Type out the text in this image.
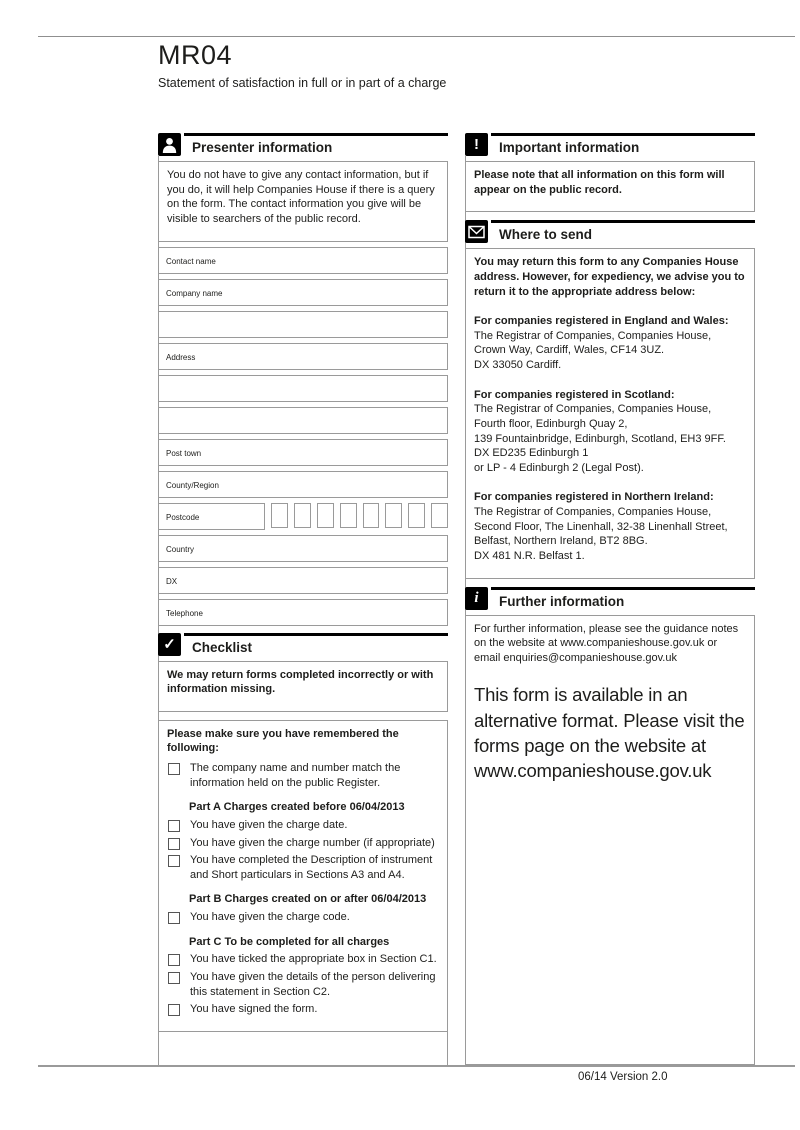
MR04
Statement of satisfaction in full or in part of a charge
Presenter information
You do not have to give any contact information, but if you do, it will help Companies House if there is a query on the form. The contact information you give will be visible to searchers of the public record.
Contact name
Company name
Address
Post town
County/Region
Postcode
Country
DX
Telephone
✓	Checklist
We may return forms completed incorrectly or with information missing.
Please make sure you have remembered the following:
The company name and number match the information held on the public Register.
Part A Charges created before 06/04/2013
You have given the charge date.
You have given the charge number (if appropriate)
You have completed the Description of instrument and Short particulars in Sections A3 and A4.
Part B Charges created on or after 06/04/2013
You have given the charge code.
Part C To be completed for all charges
You have ticked the appropriate box in Section C1.
You have given the details of the person delivering this statement in Section C2.
You have signed the form.
!	Important information
Please note that all information on this form will appear on the public record.
Where to send
You may return this form to any Companies House address. However, for expediency, we advise you to return it to the appropriate address below:
For companies registered in England and Wales:
The Registrar of Companies, Companies House,
Crown Way, Cardiff, Wales, CF14 3UZ.
DX 33050 Cardiff.
For companies registered in Scotland:
The Registrar of Companies, Companies House,
Fourth floor, Edinburgh Quay 2,
139 Fountainbridge, Edinburgh, Scotland, EH3 9FF.
DX ED235 Edinburgh 1
or LP - 4 Edinburgh 2 (Legal Post).
For companies registered in Northern Ireland:
The Registrar of Companies, Companies House,
Second Floor, The Linenhall, 32-38 Linenhall Street,
Belfast, Northern Ireland, BT2 8BG.
DX 481 N.R. Belfast 1.
i	Further information
For further information, please see the guidance notes on the website at www.companieshouse.gov.uk or email enquiries@companieshouse.gov.uk
This form is available in an alternative format. Please visit the forms page on the website at www.companieshouse.gov.uk
06/14 Version 2.0
